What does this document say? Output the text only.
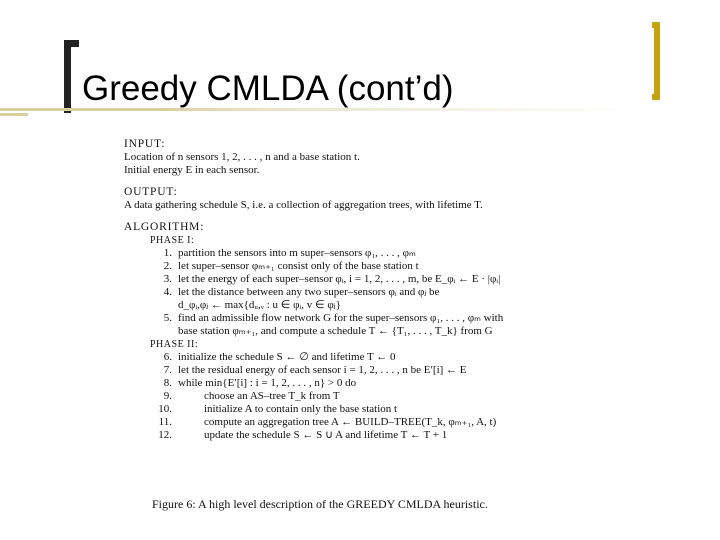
Greedy CMLDA (cont’d)
INPUT:
Location of n sensors 1, 2, . . . , n and a base station t.
Initial energy E in each sensor.
OUTPUT:
A data gathering schedule S, i.e. a collection of aggregation trees, with lifetime T.
ALGORITHM:
PHASE I:
1. partition the sensors into m super–sensors φ₁, . . . , φₘ
2. let super–sensor φₘ₊₁ consist only of the base station t
3. let the energy of each super–sensor φᵢ, i = 1, 2, . . . , m, be E_φᵢ ← E · |φᵢ|
4. let the distance between any two super–sensors φᵢ and φⱼ be
d_φᵢ,φⱼ ← max{dᵤ,ᵥ : u ∈ φᵢ, v ∈ φⱼ}
5. find an admissible flow network G for the super–sensors φ₁, . . . , φₘ with
base station φₘ₊₁, and compute a schedule T ← {T₁, . . . , T_k} from G
PHASE II:
6. initialize the schedule S ← ∅ and lifetime T ← 0
7. let the residual energy of each sensor i = 1, 2, . . . , n be E′[i] ← E
8. while min{E′[i] : i = 1, 2, . . . , n} > 0 do
9.	choose an AS–tree T_k from T
10.	initialize A to contain only the base station t
11.	compute an aggregation tree A ← BUILD–TREE(T_k, φₘ₊₁, A, t)
12.	update the schedule S ← S ∪ A and lifetime T ← T + 1
Figure 6: A high level description of the GREEDY CMLDA heuristic.
